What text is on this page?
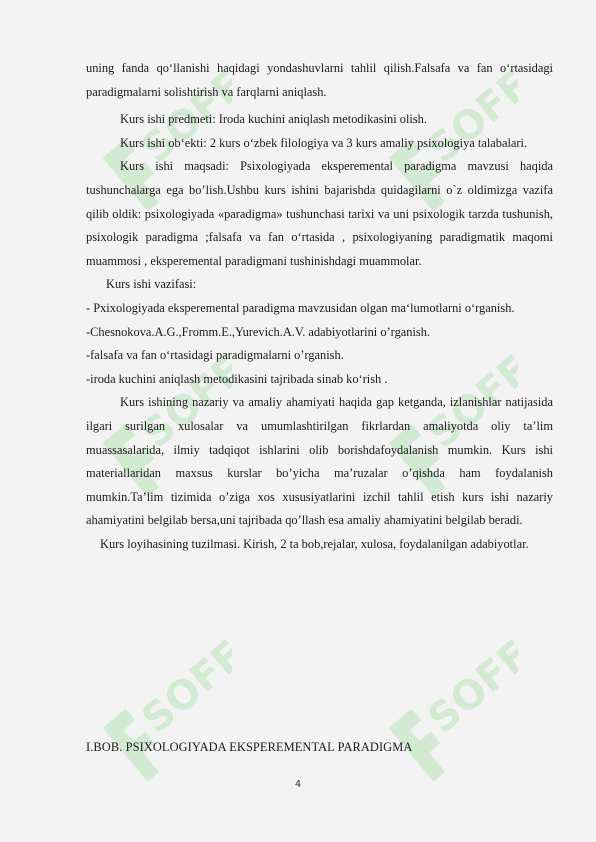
SOFF	SOFF
SOFF	SOFF
SOFF	SOFF

uning fanda qo‘llanishi haqidagi yondashuvlarni tahlil qilish.Falsafa va fan o‘rtasidagi paradigmalarni solishtirish va farqlarni aniqlash.

Kurs ishi predmeti: Iroda kuchini aniqlash metodikasini olish.

Kurs ishi ob‘ekti: 2 kurs o‘zbek filologiya va 3 kurs amaliy psixologiya talabalari.

Kurs ishi maqsadi: Psixologiyada eksperemental paradigma mavzusi haqida tushunchalarga ega bo’lish.Ushbu kurs ishini bajarishda quidagilarni o`z oldimizga vazifa qilib oldik: psixologiyada «paradigma» tushunchasi tarixi va uni psixologik tarzda tushunish, psixologik paradigma ;falsafa va fan o‘rtasida , psixologiyaning paradigmatik maqomi muammosi , eksperemental paradigmani tushinishdagi muammolar.

Kurs ishi vazifasi:

- Pxixologiyada eksperemental paradigma mavzusidan olgan ma‘lumotlarni o‘rganish.

-Chesnokova.A.G.,Fromm.E.,Yurevich.A.V. adabiyotlarini o’rganish.

-falsafa va fan o‘rtasidagi paradigmalarni o’rganish.

-iroda kuchini aniqlash metodikasini tajribada sinab ko‘rish .

Kurs ishining nazariy va amaliy ahamiyati haqida gap ketganda, izlanishlar natijasida ilgari surilgan xulosalar va umumlashtirilgan fikrlardan amaliyotda oliy ta’lim muassasalarida, ilmiy tadqiqot ishlarini olib borishdafoydalanish mumkin. Kurs ishi materiallaridan maxsus kurslar bo’yicha ma’ruzalar o’qishda ham foydalanish mumkin.Ta’lim tizimida o’ziga xos xususiyatlarini izchil tahlil etish kurs ishi nazariy ahamiyatini belgilab bersa,uni tajribada qo’llash esa amaliy ahamiyatini belgilab beradi.

Kurs loyihasining tuzilmasi. Kirish, 2 ta bob,rejalar, xulosa, foydalanilgan adabiyotlar.

I.BOB. PSIXOLOGIYADA EKSPEREMENTAL PARADIGMA
4
